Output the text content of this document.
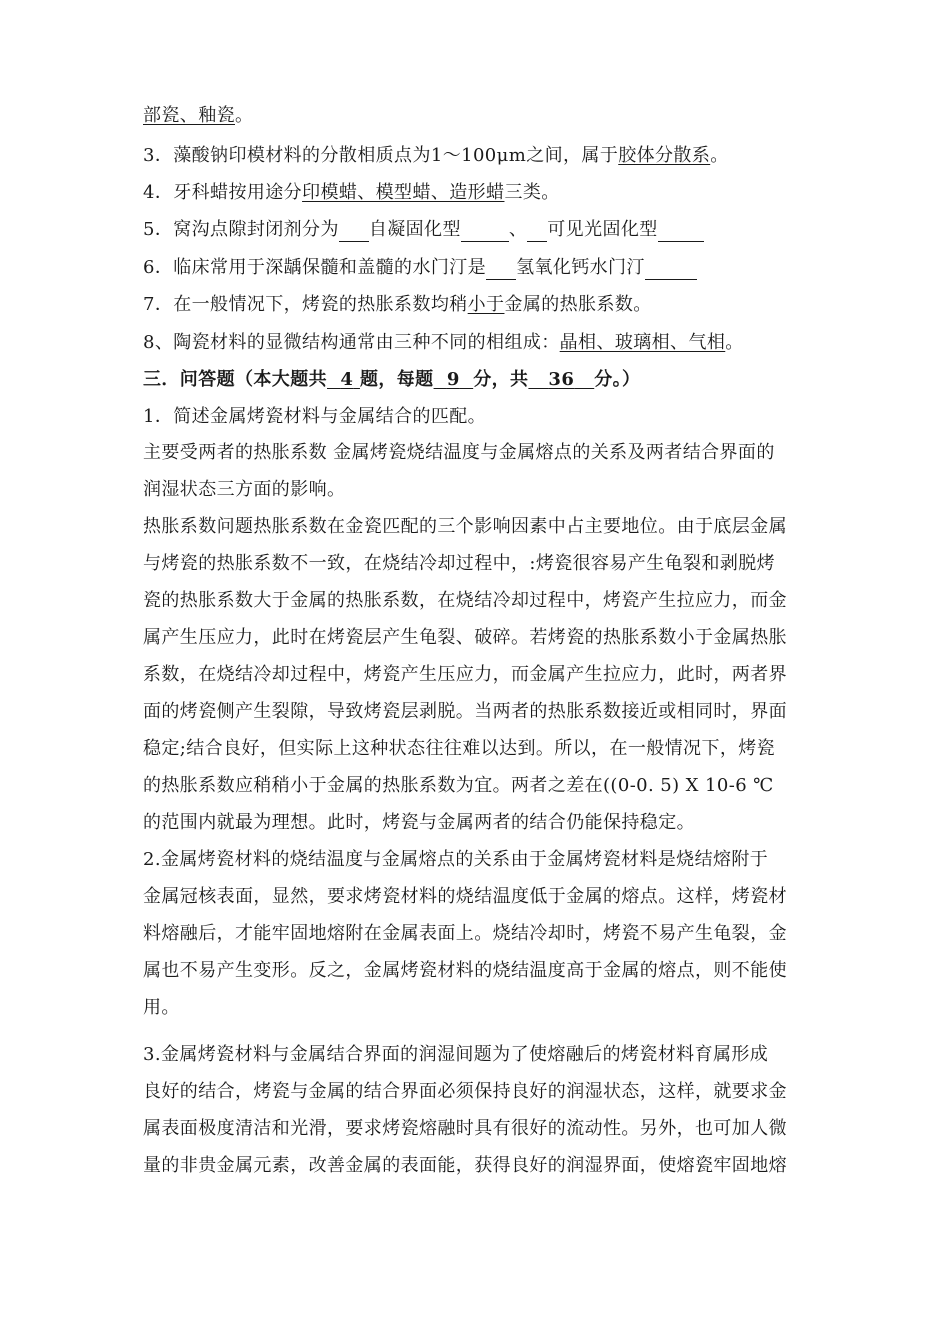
部瓷、釉瓷。
3．藻酸钠印模材料的分散相质点为1～100μm之间，属于胶体分散系。
4．牙科蜡按用途分印模蜡、模型蜡、造形蜡三类。
5．窝沟点隙封闭剂分为 自凝固化型	、 可见光固化型
6．临床常用于深龋保髓和盖髓的水门汀是 氢氧化钙水门汀
7．在一般情况下，烤瓷的热胀系数均稍小于金属的热胀系数。
8、陶瓷材料的显微结构通常由三种不同的相组成：晶相、玻璃相、气相。
三．问答题（本大题共 4 题，每题 9 分，共 36 分。）
1．简述金属烤瓷材料与金属结合的匹配。
主要受两者的热胀系数 金属烤瓷烧结温度与金属熔点的关系及两者结合界面的
润湿状态三方面的影响。
热胀系数问题热胀系数在金瓷匹配的三个影响因素中占主要地位。由于底层金属
与烤瓷的热胀系数不一致，在烧结冷却过程中，:烤瓷很容易产生龟裂和剥脱烤
瓷的热胀系数大于金属的热胀系数，在烧结冷却过程中，烤瓷产生拉应力，而金
属产生压应力，此时在烤瓷层产生龟裂、破碎。若烤瓷的热胀系数小于金属热胀
系数，在烧结冷却过程中，烤瓷产生压应力，而金属产生拉应力，此时，两者界
面的烤瓷侧产生裂隙，导致烤瓷层剥脱。当两者的热胀系数接近或相同时，界面
稳定;结合良好，但实际上这种状态往往难以达到。所以，在一般情况下，烤瓷
的热胀系数应稍稍小于金属的热胀系数为宜。两者之差在((0-0. 5) X 10-6 ℃
的范围内就最为理想。此时，烤瓷与金属两者的结合仍能保持稳定。
2.金属烤瓷材料的烧结温度与金属熔点的关系由于金属烤瓷材料是烧结熔附于
金属冠核表面，显然，要求烤瓷材料的烧结温度低于金属的熔点。这样，烤瓷材
料熔融后，才能牢固地熔附在金属表面上。烧结冷却时，烤瓷不易产生龟裂，金
属也不易产生变形。反之，金属烤瓷材料的烧结温度高于金属的熔点，则不能使
用。
3.金属烤瓷材料与金属结合界面的润湿间题为了使熔融后的烤瓷材料育属形成
良好的结合，烤瓷与金属的结合界面必须保持良好的润湿状态，这样，就要求金
属表面极度清洁和光滑，要求烤瓷熔融时具有很好的流动性。另外，也可加人微
量的非贵金属元素，改善金属的表面能，获得良好的润湿界面，使熔瓷牢固地熔
